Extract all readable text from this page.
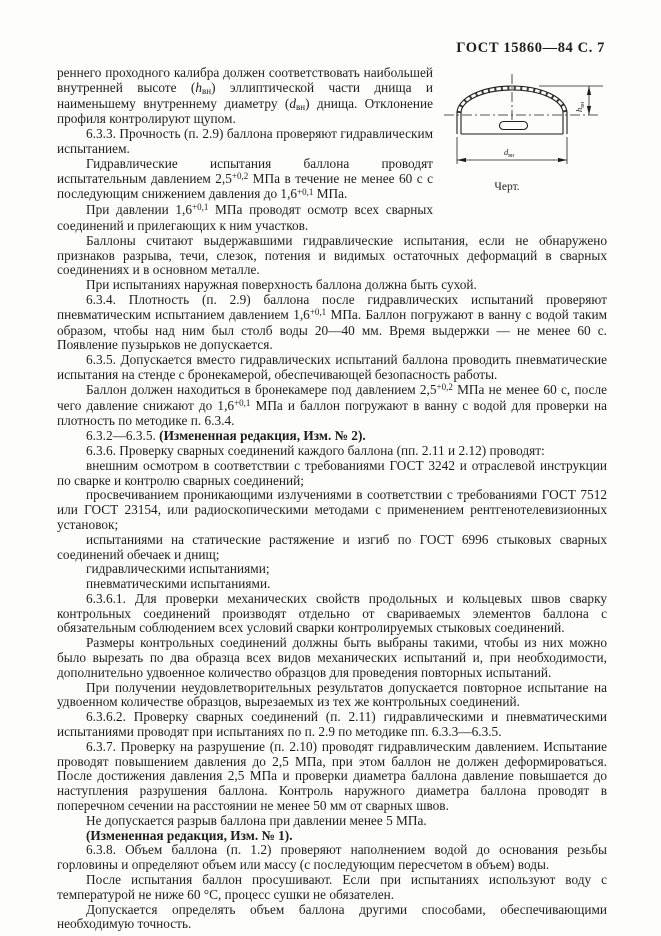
ГОСТ 15860—84 С. 7
$d_{вн}$
$h_{вн}$
Черт.

реннего проходного калибра должен соответствовать наибольшей внутренней высоте (hвн) эллиптической части днища и наименьшему внутреннему диаметру (dвн) днища. Отклонение профиля контролируют щупом.

6.3.3. Прочность (п. 2.9) баллона проверяют гидравлическим испытанием.

Гидравлические испытания баллона проводят испытательным давлением $2,5^{+0,2}$ МПа в течение не менее 60 с с последующим снижением давления до $1,6^{+0,1}$ МПа.

При давлении $1,6^{+0,1}$ МПа проводят осмотр всех сварных соединений и прилегающих к ним участков.

Баллоны считают выдержавшими гидравлические испытания, если не обнаружено признаков разрыва, течи, слезок, потения и видимых остаточных деформаций в сварных соединениях и в основном металле.

При испытаниях наружная поверхность баллона должна быть сухой.

6.3.4. Плотность (п. 2.9) баллона после гидравлических испытаний проверяют пневматическим испытанием давлением $1,6^{+0,1}$ МПа. Баллон погружают в ванну с водой таким образом, чтобы над ним был столб воды 20—40 мм. Время выдержки — не менее 60 с. Появление пузырьков не допускается.

6.3.5. Допускается вместо гидравлических испытаний баллона проводить пневматические испытания на стенде с бронекамерой, обеспечивающей безопасность работы.

Баллон должен находиться в бронекамере под давлением $2,5^{+0,2}$ МПа не менее 60 с, после чего давление снижают до $1,6^{+0,1}$ МПа и баллон погружают в ванну с водой для проверки на плотность по методике п. 6.3.4.

6.3.2—6.3.5. (Измененная редакция, Изм. № 2).

6.3.6. Проверку сварных соединений каждого баллона (пп. 2.11 и 2.12) проводят:

внешним осмотром в соответствии с требованиями ГОСТ 3242 и отраслевой инструкции по сварке и контролю сварных соединений;

просвечиванием проникающими излучениями в соответствии с требованиями ГОСТ 7512 или ГОСТ 23154, или радиоскопическими методами с применением рентгенотелевизионных установок;

испытаниями на статические растяжение и изгиб по ГОСТ 6996 стыковых сварных соединений обечаек и днищ;

гидравлическими испытаниями;

пневматическими испытаниями.

6.3.6.1. Для проверки механических свойств продольных и кольцевых швов сварку контрольных соединений производят отдельно от свариваемых элементов баллона с обязательным соблюдением всех условий сварки контролируемых стыковых соединений.

Размеры контрольных соединений должны быть выбраны такими, чтобы из них можно было вырезать по два образца всех видов механических испытаний и, при необходимости, дополнительно удвоенное количество образцов для проведения повторных испытаний.

При получении неудовлетворительных результатов допускается повторное испытание на удвоенном количестве образцов, вырезаемых из тех же контрольных соединений.

6.3.6.2. Проверку сварных соединений (п. 2.11) гидравлическими и пневматическими испытаниями проводят при испытаниях по п. 2.9 по методике пп. 6.3.3—6.3.5.

6.3.7. Проверку на разрушение (п. 2.10) проводят гидравлическим давлением. Испытание проводят повышением давления до 2,5 МПа, при этом баллон не должен деформироваться. После достижения давления 2,5 МПа и проверки диаметра баллона давление повышается до наступления разрушения баллона. Контроль наружного диаметра баллона проводят в поперечном сечении на расстоянии не менее 50 мм от сварных швов.

Не допускается разрыв баллона при давлении менее 5 МПа.

(Измененная редакция, Изм. № 1).

6.3.8. Объем баллона (п. 1.2) проверяют наполнением водой до основания резьбы горловины и определяют объем или массу (с последующим пересчетом в объем) воды.

После испытания баллон просушивают. Если при испытаниях используют воду с температурой не ниже 60 °С, процесс сушки не обязателен.

Допускается определять объем баллона другими способами, обеспечивающими необходимую точность.
